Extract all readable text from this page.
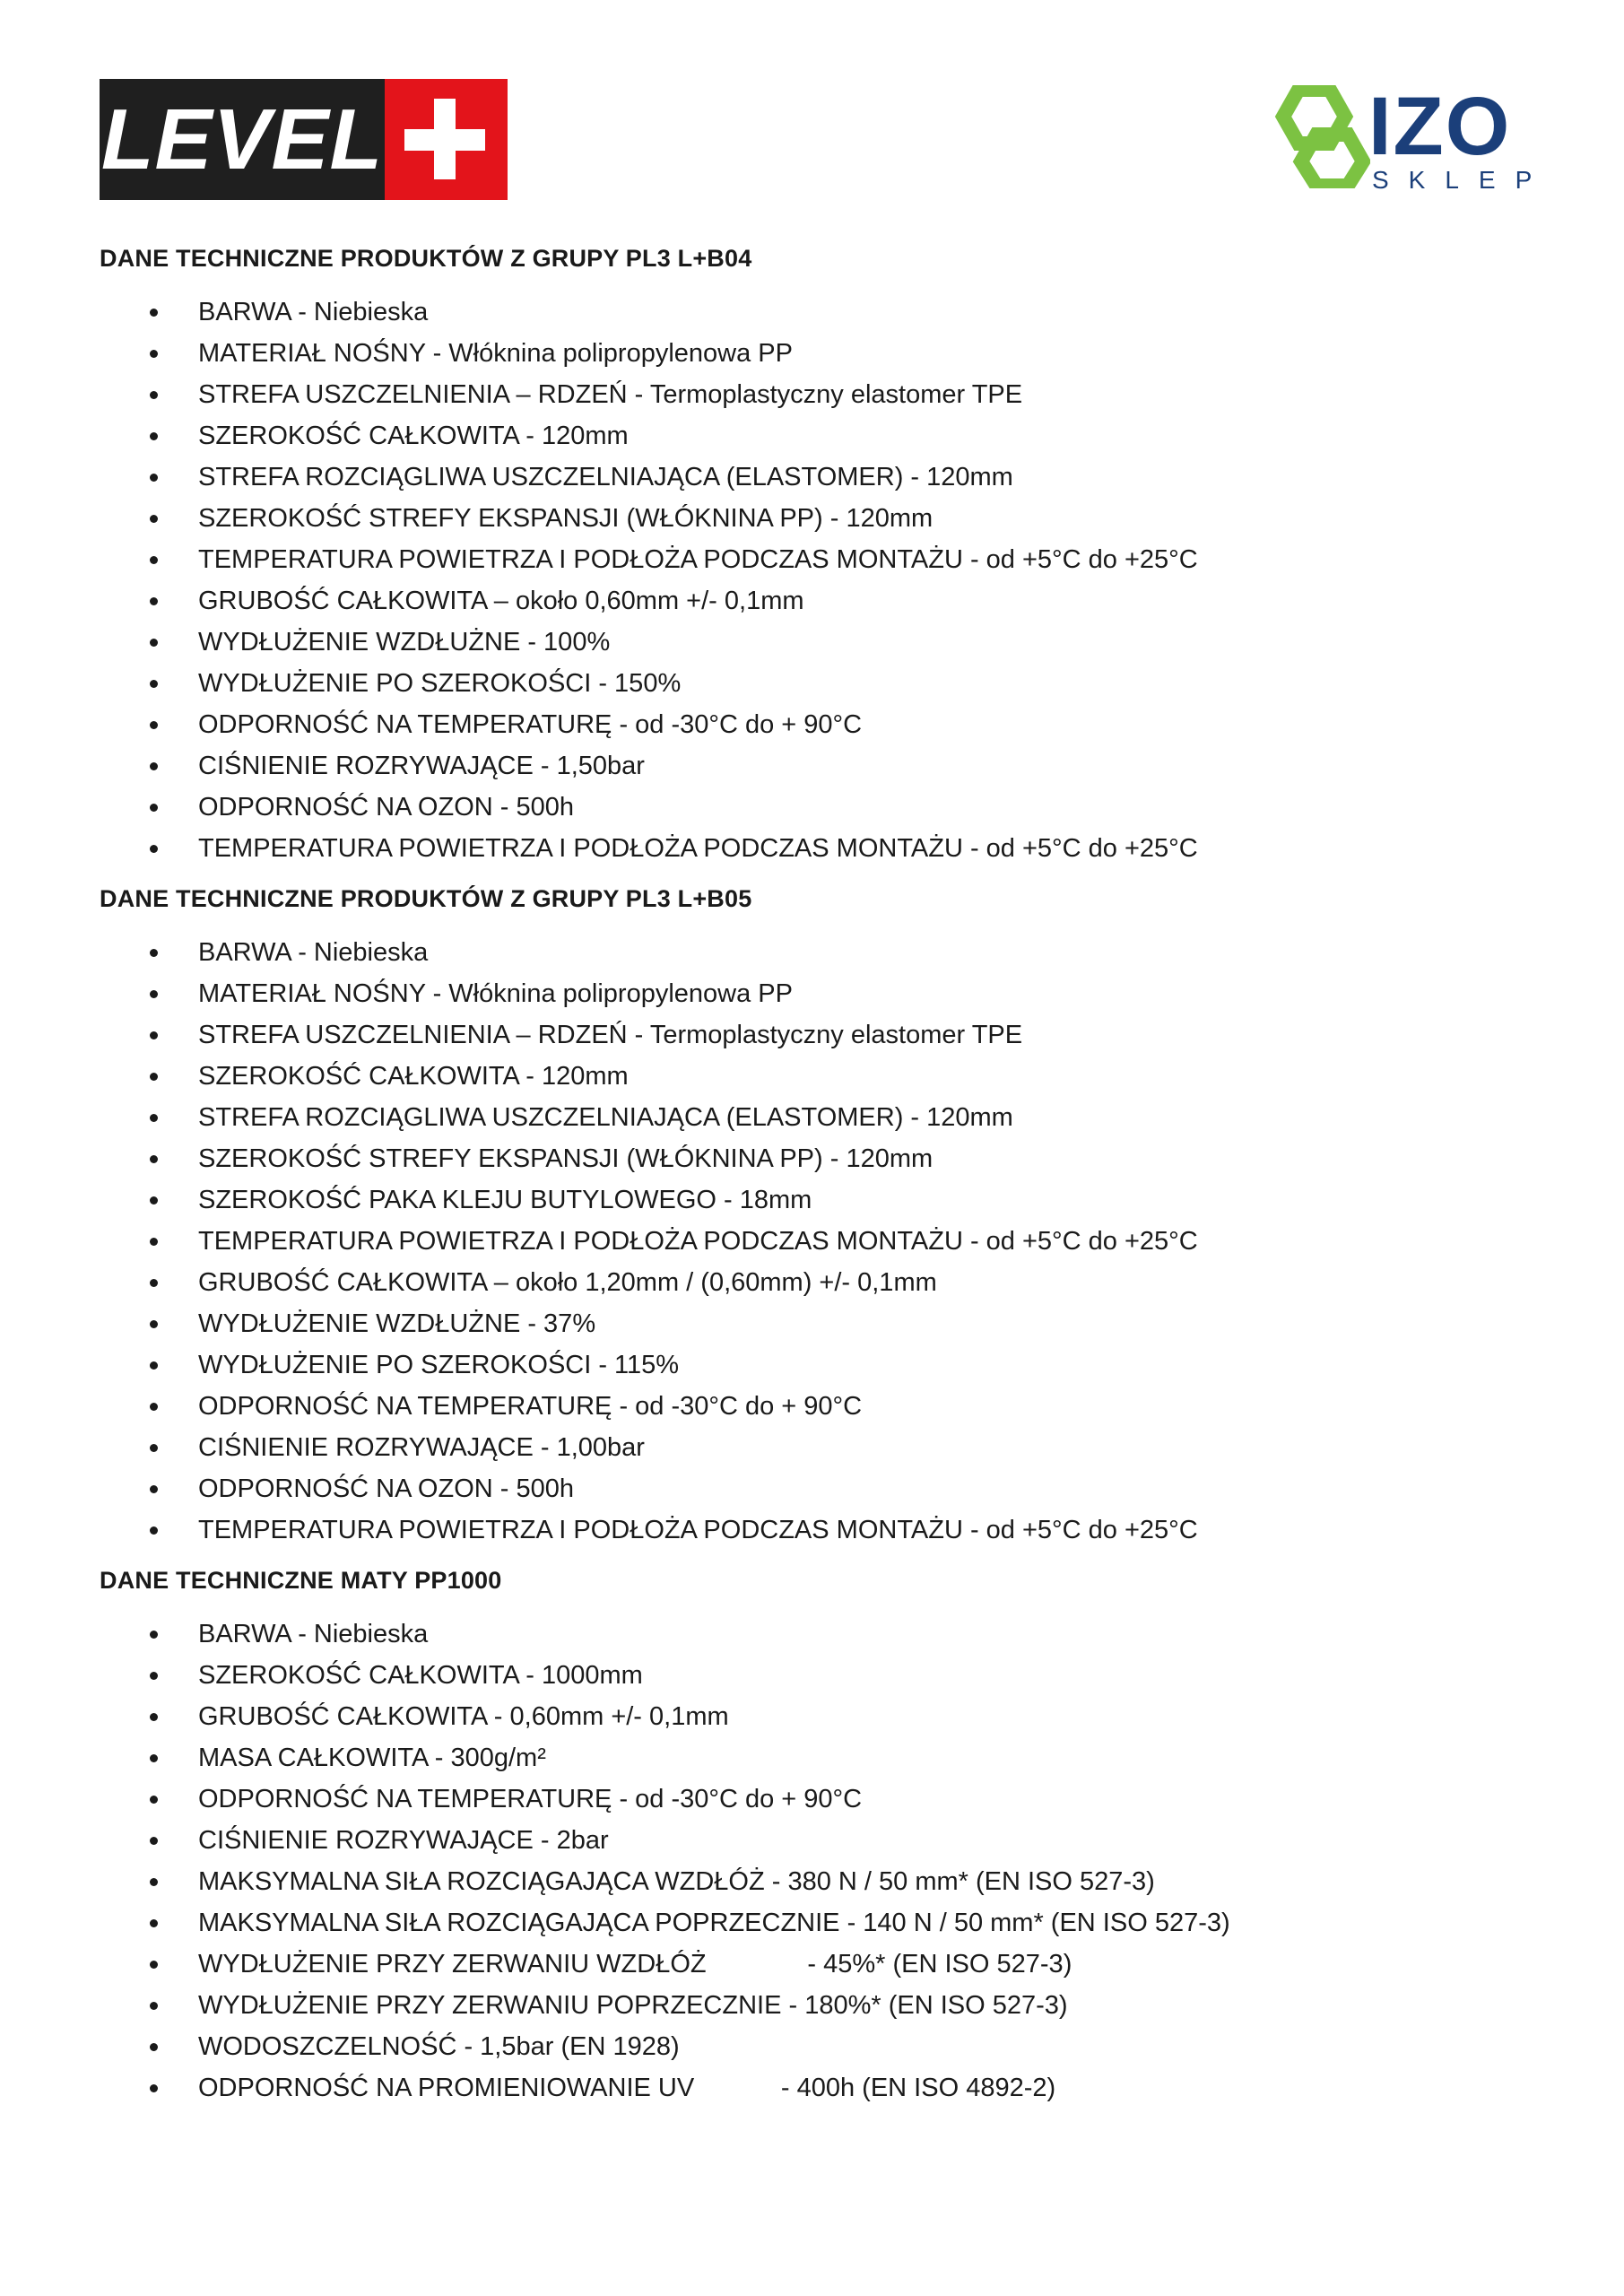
LEVEL	IZO
SKLEP
DANE TECHNICZNE PRODUKTÓW Z GRUPY PL3 L+B04
BARWA - Niebieska
MATERIAŁ NOŚNY - Włóknina polipropylenowa PP
STREFA USZCZELNIENIA – RDZEŃ - Termoplastyczny elastomer TPE
SZEROKOŚĆ CAŁKOWITA - 120mm
STREFA ROZCIĄGLIWA USZCZELNIAJĄCA (ELASTOMER) - 120mm
SZEROKOŚĆ STREFY EKSPANSJI (WŁÓKNINA PP) - 120mm
TEMPERATURA POWIETRZA I PODŁOŻA PODCZAS MONTAŻU - od +5°C do +25°C
GRUBOŚĆ CAŁKOWITA – około 0,60mm +/- 0,1mm
WYDŁUŻENIE WZDŁUŻNE - 100%
WYDŁUŻENIE PO SZEROKOŚCI - 150%
ODPORNOŚĆ NA TEMPERATURĘ - od -30°C do + 90°C
CIŚNIENIE ROZRYWAJĄCE - 1,50bar
ODPORNOŚĆ NA OZON - 500h
TEMPERATURA POWIETRZA I PODŁOŻA PODCZAS MONTAŻU - od +5°C do +25°C
DANE TECHNICZNE PRODUKTÓW Z GRUPY PL3 L+B05
BARWA - Niebieska
MATERIAŁ NOŚNY - Włóknina polipropylenowa PP
STREFA USZCZELNIENIA – RDZEŃ - Termoplastyczny elastomer TPE
SZEROKOŚĆ CAŁKOWITA - 120mm
STREFA ROZCIĄGLIWA USZCZELNIAJĄCA (ELASTOMER) - 120mm
SZEROKOŚĆ STREFY EKSPANSJI (WŁÓKNINA PP) - 120mm
SZEROKOŚĆ PAKA KLEJU BUTYLOWEGO - 18mm
TEMPERATURA POWIETRZA I PODŁOŻA PODCZAS MONTAŻU - od +5°C do +25°C
GRUBOŚĆ CAŁKOWITA – około 1,20mm / (0,60mm) +/- 0,1mm
WYDŁUŻENIE WZDŁUŻNE - 37%
WYDŁUŻENIE PO SZEROKOŚCI - 115%
ODPORNOŚĆ NA TEMPERATURĘ - od -30°C do + 90°C
CIŚNIENIE ROZRYWAJĄCE - 1,00bar
ODPORNOŚĆ NA OZON - 500h
TEMPERATURA POWIETRZA I PODŁOŻA PODCZAS MONTAŻU - od +5°C do +25°C
DANE TECHNICZNE MATY PP1000
BARWA - Niebieska
SZEROKOŚĆ CAŁKOWITA - 1000mm
GRUBOŚĆ CAŁKOWITA - 0,60mm +/- 0,1mm
MASA CAŁKOWITA - 300g/m²
ODPORNOŚĆ NA TEMPERATURĘ - od -30°C do + 90°C
CIŚNIENIE ROZRYWAJĄCE - 2bar
MAKSYMALNA SIŁA ROZCIĄGAJĄCA WZDŁÓŻ - 380 N / 50 mm* (EN ISO 527-3)
MAKSYMALNA SIŁA ROZCIĄGAJĄCA POPRZECZNIE - 140 N / 50 mm* (EN ISO 527-3)
WYDŁUŻENIE PRZY ZERWANIU WZDŁÓŻ              - 45%* (EN ISO 527-3)
WYDŁUŻENIE PRZY ZERWANIU POPRZECZNIE - 180%* (EN ISO 527-3)
WODOSZCZELNOŚĆ - 1,5bar (EN 1928)
ODPORNOŚĆ NA PROMIENIOWANIE UV            - 400h (EN ISO 4892-2)
